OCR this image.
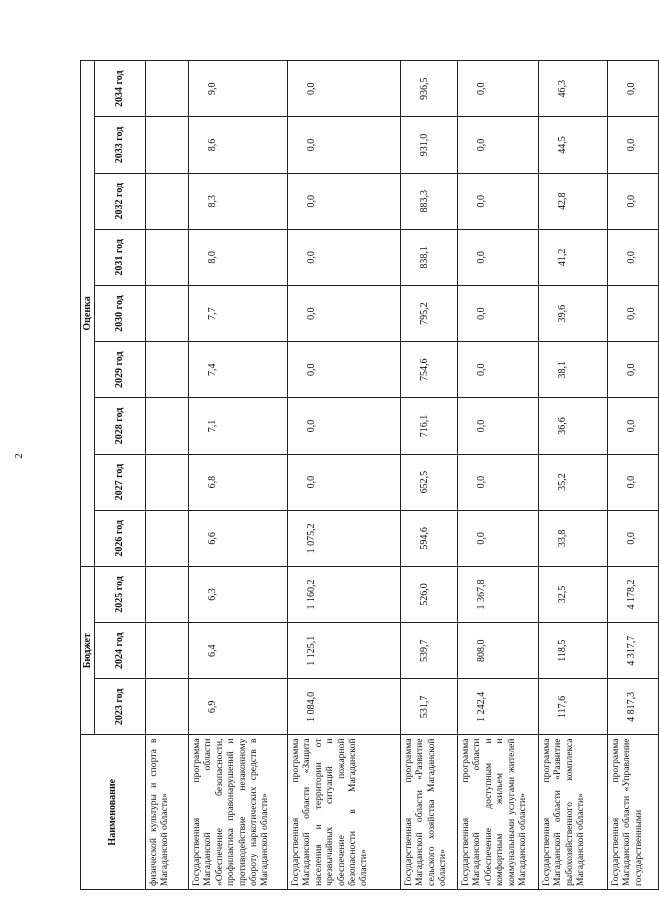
2
Наименование	Бюджет			Оценка								
	2023 год	2024 год	2025 год	2026 год	2027 год	2028 год	2029 год	2030 год	2031 год	2032 год	2033 год	2034 год
физической культуры и спорта в Магаданской области»												
Государственная программа Магаданской области «Обеспечение безопасности, профилактика правонарушений и противодействие незаконному обороту наркотических средств в Магаданской области»	6,9	6,4	6,3	6,6	6,8	7,1	7,4	7,7	8,0	8,3	8,6	9,0
Государственная программа Магаданской области «Защита населения и территории от чрезвычайных ситуаций и обеспечение пожарной безопасности в Магаданской области»	1 084,0	1 125,1	1 160,2	1 075,2	0,0	0,0	0,0	0,0	0,0	0,0	0,0	0,0
Государственная программа Магаданской области «Развитие сельского хозяйства Магаданской области»	531,7	539,7	526,0	594,6	652,5	716,1	754,6	795,2	838,1	883,3	931,0	936,5
Государственная программа Магаданской области «Обеспечение доступным и комфортным жильем и коммунальными услугами жителей Магаданской области»	1 242,4	808,0	1 367,8	0,0	0,0	0,0	0,0	0,0	0,0	0,0	0,0	0,0
Государственная программа Магаданской области «Развитие рыбохозяйственного комплекса Магаданской области»	117,6	118,5	32,5	33,8	35,2	36,6	38,1	39,6	41,2	42,8	44,5	46,3
Государственная программа Магаданской области «Управление государственными	4 817,3	4 317,7	4 178,2	0,0	0,0	0,0	0,0	0,0	0,0	0,0	0,0	0,0
